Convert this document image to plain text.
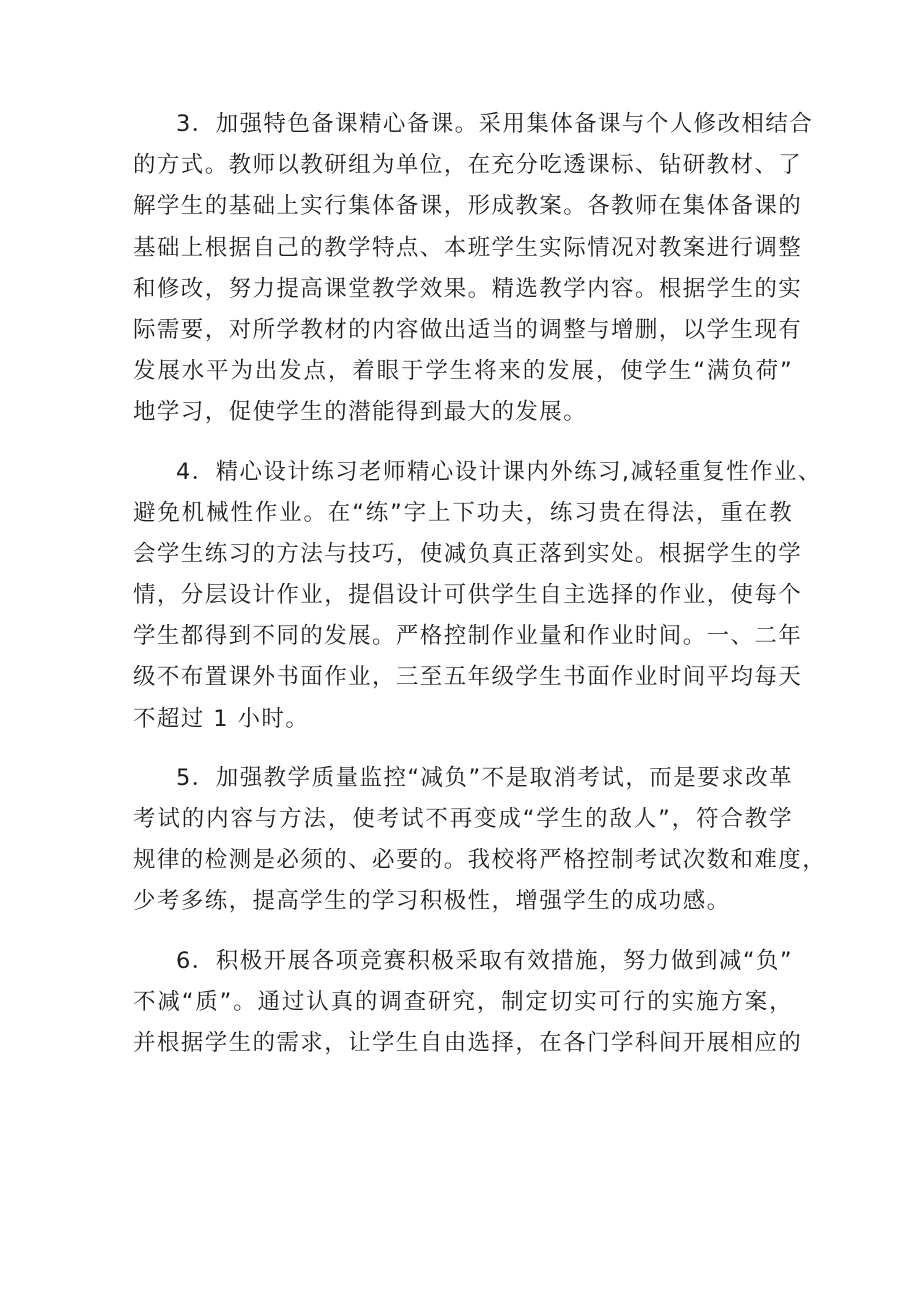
3．加强特色备课精心备课。采用集体备课与个人修改相结合
的方式。教师以教研组为单位，在充分吃透课标、钻研教材、了
解学生的基础上实行集体备课，形成教案。各教师在集体备课的
基础上根据自己的教学特点、本班学生实际情况对教案进行调整
和修改，努力提高课堂教学效果。精选教学内容。根据学生的实
际需要，对所学教材的内容做出适当的调整与增删，以学生现有
发展水平为出发点，着眼于学生将来的发展，使学生“满负荷”
地学习，促使学生的潜能得到最大的发展。
4．精心设计练习老师精心设计课内外练习,减轻重复性作业、
避免机械性作业。在“练”字上下功夫，练习贵在得法，重在教
会学生练习的方法与技巧，使减负真正落到实处。根据学生的学
情，分层设计作业，提倡设计可供学生自主选择的作业，使每个
学生都得到不同的发展。严格控制作业量和作业时间。一、二年
级不布置课外书面作业，三至五年级学生书面作业时间平均每天
不超过 1 小时。
5．加强教学质量监控“减负”不是取消考试，而是要求改革
考试的内容与方法，使考试不再变成“学生的敌人”，符合教学
规律的检测是必须的、必要的。我校将严格控制考试次数和难度，
少考多练，提高学生的学习积极性，增强学生的成功感。
6．积极开展各项竞赛积极采取有效措施，努力做到减“负”
不减“质”。通过认真的调查研究，制定切实可行的实施方案，
并根据学生的需求，让学生自由选择，在各门学科间开展相应的
